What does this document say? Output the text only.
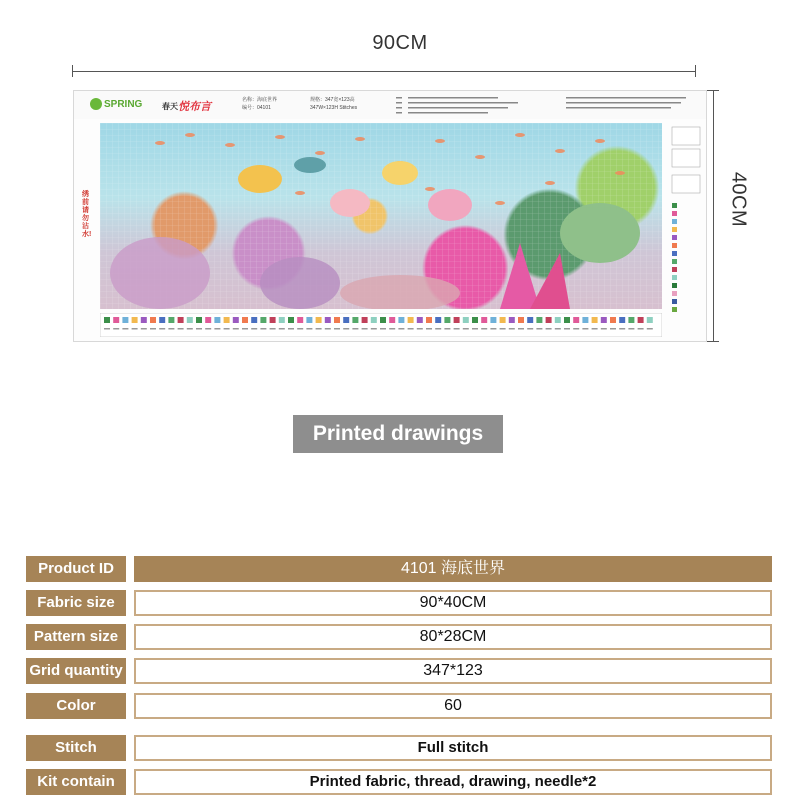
90CM
40CM
SPRING 春天 悦布言
名称：海底世界
编号：04101
规格：347宽×123高
347W×123H Stitches
绣前请勿沾水!
Printed drawings
Product ID	4101 海底世界
Fabric size	90*40CM
Pattern size	80*28CM
Grid quantity	347*123
Color	60
Stitch	Full stitch
Kit contain	Printed fabric, thread, drawing, needle*2
